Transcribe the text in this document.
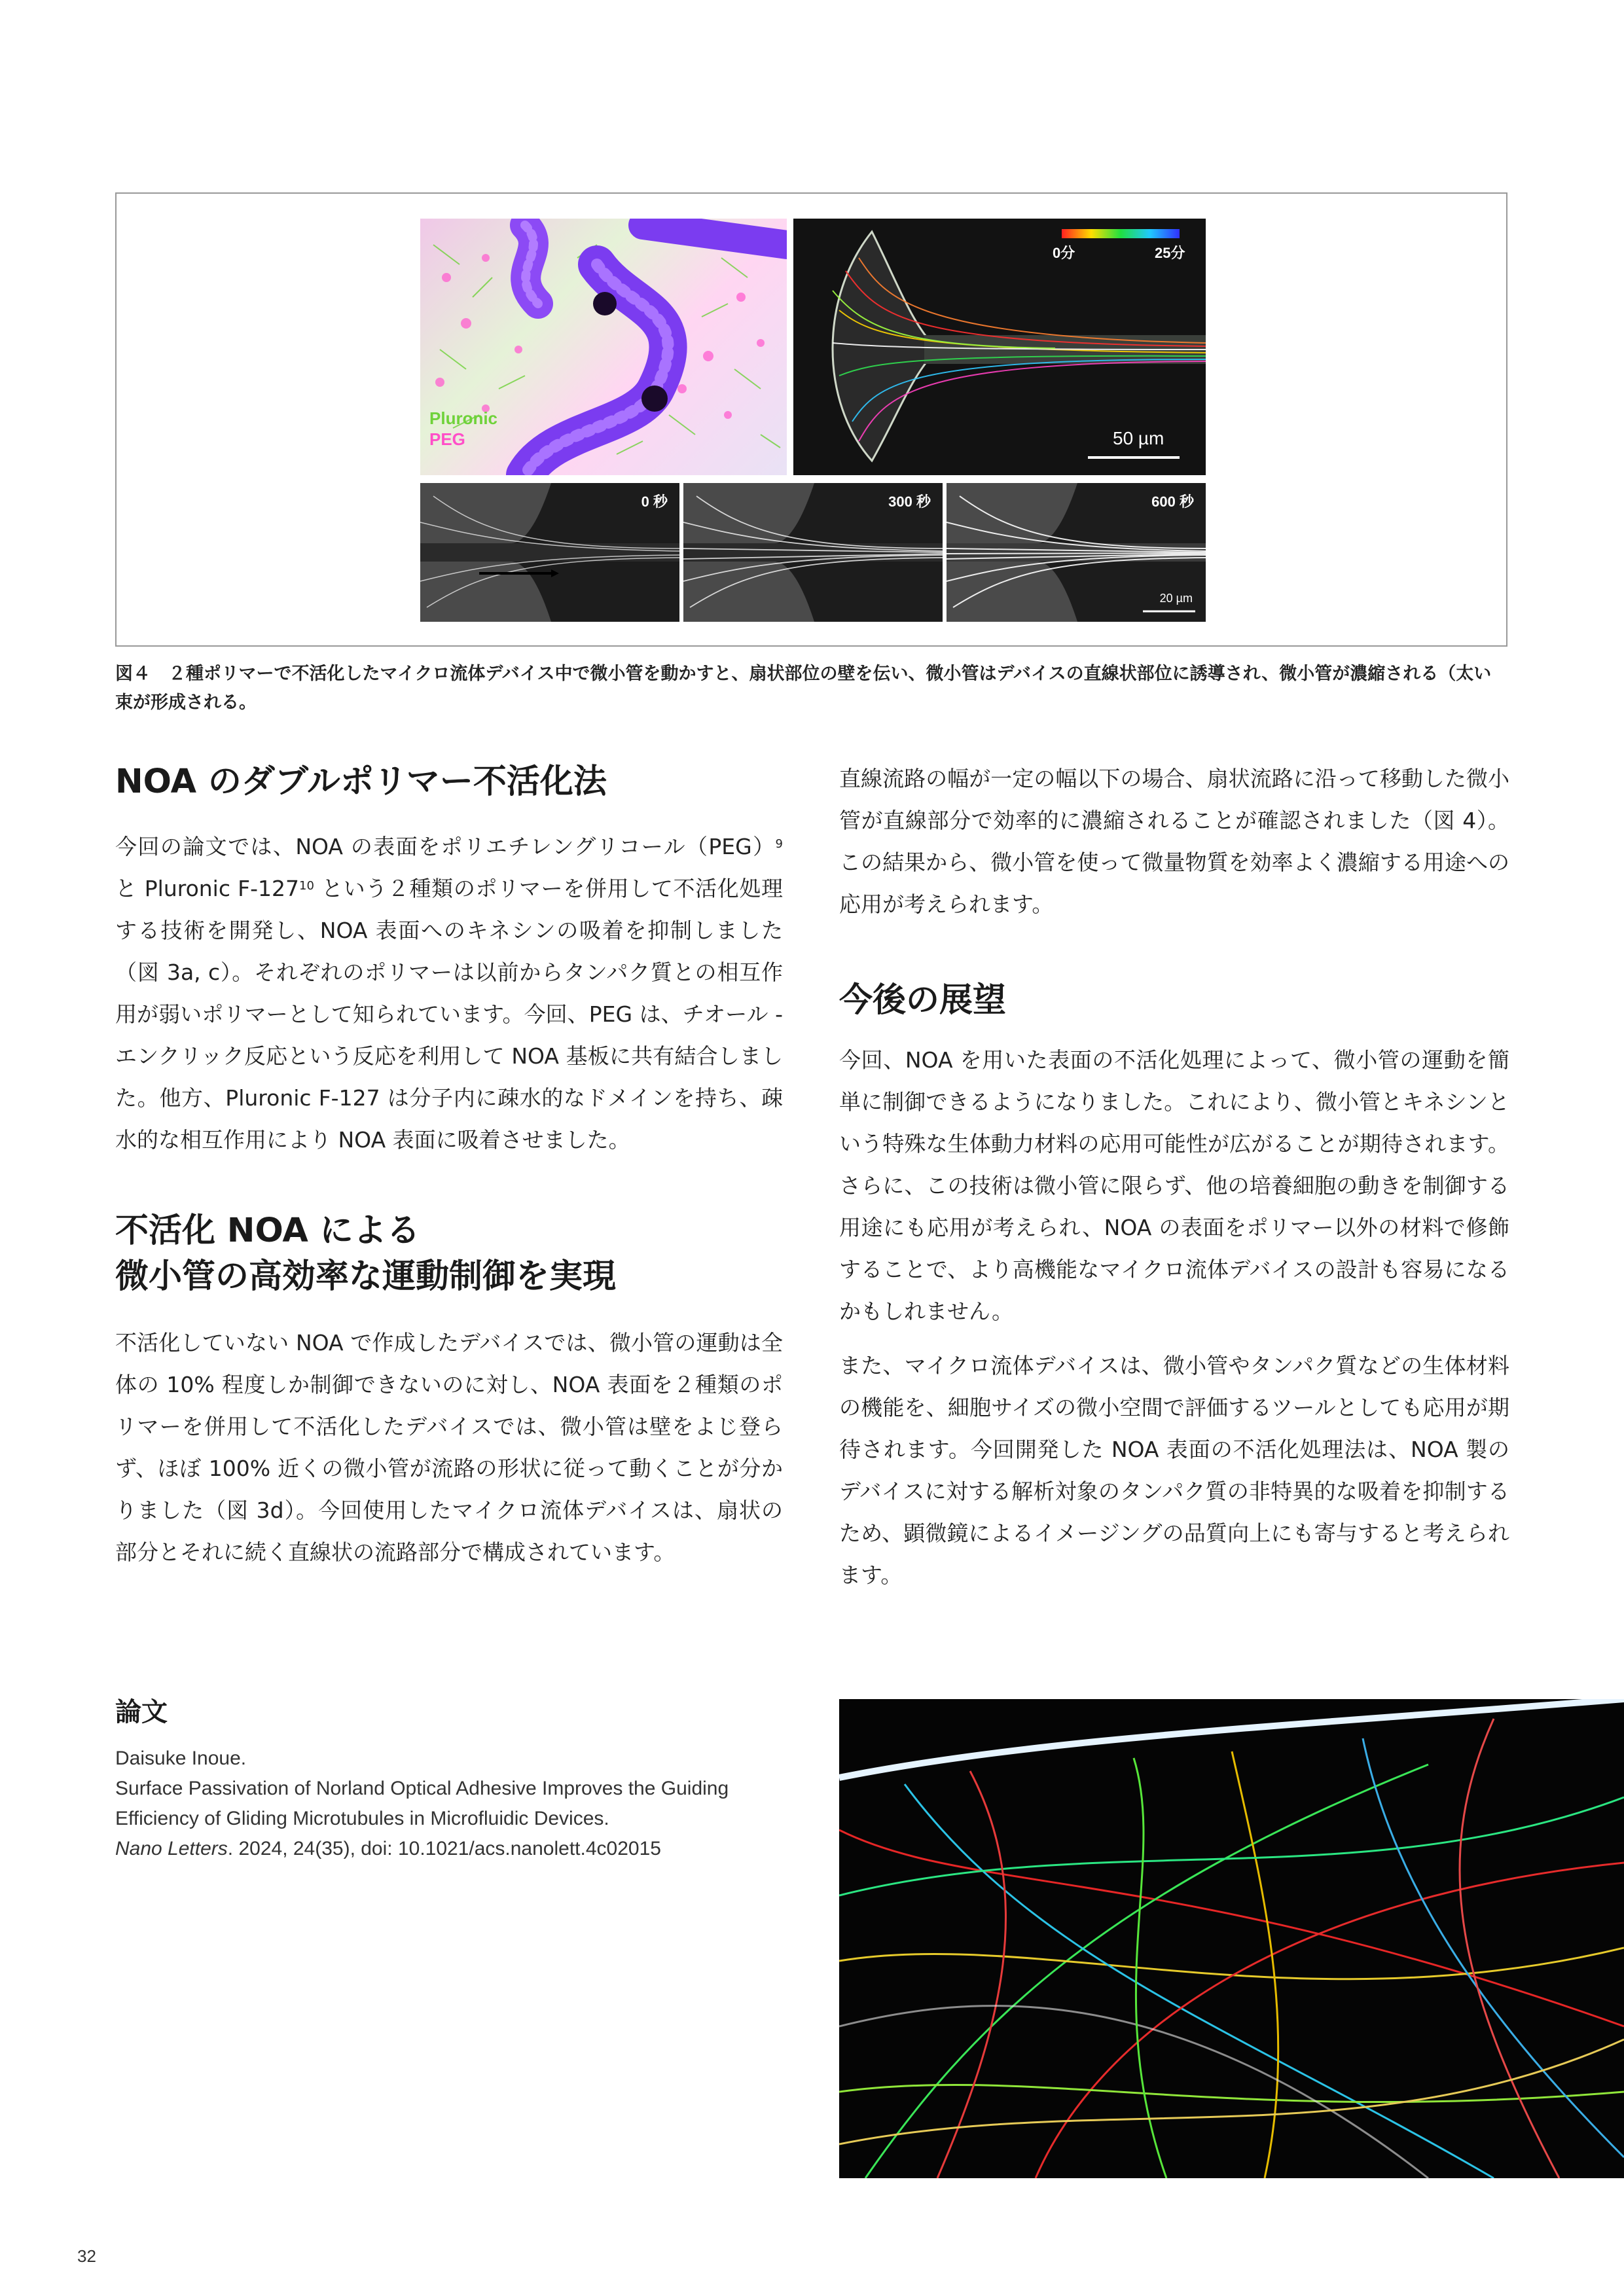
Pluronic
PEG
0分	25分
50 µm
0 秒	300 秒	600 秒
20 µm
図４　２種ポリマーで不活化したマイクロ流体デバイス中で微小管を動かすと、扇状部位の壁を伝い、微小管はデバイスの直線状部位に誘導され、微小管が濃縮される（太い束が形成される。
NOA のダブルポリマー不活化法

今回の論文では、NOA の表面をポリエチレングリコール（PEG）$^9$ と Pluronic $F-127^{10}$ という２種類のポリマーを併用して不活化処理する技術を開発し、NOA 表面へのキネシンの吸着を抑制しました（図 3a, c）。それぞれのポリマーは以前からタンパク質との相互作用が弱いポリマーとして知られています。今回、PEG は、チオール - エンクリック反応という反応を利用して NOA 基板に共有結合しました。他方、Pluronic F-127 は分子内に疎水的なドメインを持ち、疎水的な相互作用により NOA 表面に吸着させました。

不活化 NOA による
微小管の高効率な運動制御を実現

不活化していない NOA で作成したデバイスでは、微小管の運動は全体の 10% 程度しか制御できないのに対し、NOA 表面を２種類のポリマーを併用して不活化したデバイスでは、微小管は壁をよじ登らず、ほぼ 100% 近くの微小管が流路の形状に従って動くことが分かりました（図 3d）。今回使用したマイクロ流体デバイスは、扇状の部分とそれに続く直線状の流路部分で構成されています。

直線流路の幅が一定の幅以下の場合、扇状流路に沿って移動した微小管が直線部分で効率的に濃縮されることが確認されました（図 4）。この結果から、微小管を使って微量物質を効率よく濃縮する用途への応用が考えられます。

今後の展望

今回、NOA を用いた表面の不活化処理によって、微小管の運動を簡単に制御できるようになりました。これにより、微小管とキネシンという特殊な生体動力材料の応用可能性が広がることが期待されます。さらに、この技術は微小管に限らず、他の培養細胞の動きを制御する用途にも応用が考えられ、NOA の表面をポリマー以外の材料で修飾することで、より高機能なマイクロ流体デバイスの設計も容易になるかもしれません。

また、マイクロ流体デバイスは、微小管やタンパク質などの生体材料の機能を、細胞サイズの微小空間で評価するツールとしても応用が期待されます。今回開発した NOA 表面の不活化処理法は、NOA 製のデバイスに対する解析対象のタンパク質の非特異的な吸着を抑制するため、顕微鏡によるイメージングの品質向上にも寄与すると考えられます。

論文
Daisuke Inoue.
Surface Passivation of Norland Optical Adhesive Improves the Guiding
Efficiency of Gliding Microtubules in Microfluidic Devices.
Nano Letters. 2024, 24(35), doi: 10.1021/acs.nanolett.4c02015
32
